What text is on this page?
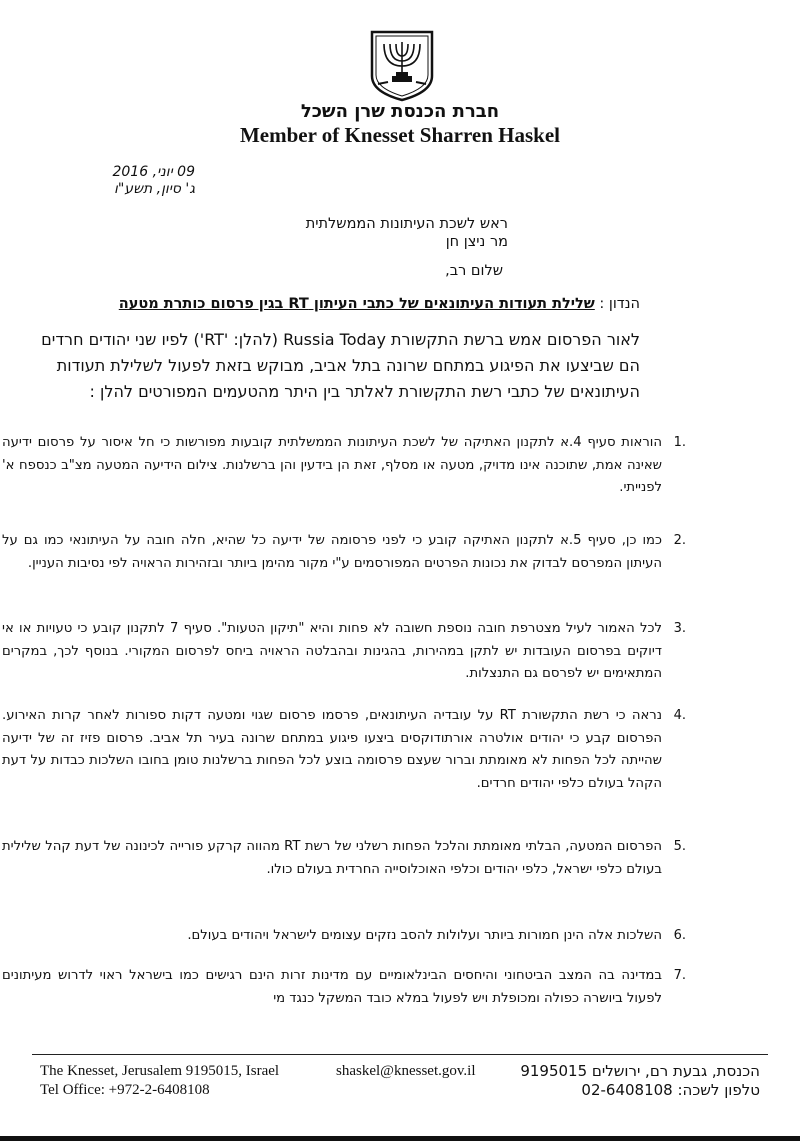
חברת הכנסת שרן השכל
Member of Knesset Sharren Haskel
09 יוני, 2016
ג' סיון, תשע"ו
ראש לשכת העיתונות הממשלתית
מר ניצן חן
שלום רב,
הנדון : שלילת תעודות העיתונאים של כתבי העיתון RT בגין פרסום כותרת מטעה
לאור הפרסום אמש ברשת התקשורת Russia Today (להלן: 'RT') לפיו שני יהודים חרדים הם שביצעו את הפיגוע במתחם שרונה בתל אביב, מבוקש בזאת לפעול לשלילת תעודות העיתונאים של כתבי רשת התקשורת לאלתר בין היתר מהטעמים המפורטים להלן :
1.
הוראות סעיף 4.א לתקנון האתיקה של לשכת העיתונות הממשלתית קובעות מפורשות כי חל איסור על פרסום ידיעה שאינה אמת, שתוכנה אינו מדויק, מטעה או מסלף, זאת הן בידעין והן ברשלנות. צילום הידיעה המטעה מצ"ב כנספח א' לפנייתי.
2.
כמו כן, סעיף 5.א לתקנון האתיקה קובע כי לפני פרסומה של ידיעה כל שהיא, חלה חובה על העיתונאי כמו גם על העיתון המפרסם לבדוק את נכונות הפרטים המפורסמים ע"י מקור מהימן ביותר ובזהירות הראויה לפי נסיבות העניין.
3.
לכל האמור לעיל מצטרפת חובה נוספת חשובה לא פחות והיא "תיקון הטעות". סעיף 7 לתקנון קובע כי טעויות או אי דיוקים בפרסום העובדות יש לתקן במהירות, בהגינות ובהבלטה הראויה ביחס לפרסום המקורי. בנוסף לכך, במקרים המתאימים יש לפרסם גם התנצלות.
4.
נראה כי רשת התקשורת RT על עובדיה העיתונאים, פרסמו פרסום שגוי ומטעה דקות ספורות לאחר קרות האירוע. הפרסום קבע כי יהודים אולטרה אורתודוקסים ביצעו פיגוע במתחם שרונה בעיר תל אביב. פרסום פזיז זה של ידיעה שהייתה לכל הפחות לא מאומתת וברור שעצם פרסומה בוצע לכל הפחות ברשלנות טומן בחובו השלכות כבדות על דעת הקהל בעולם כלפי יהודים חרדים.
5.
הפרסום המטעה, הבלתי מאומתת והלכל הפחות רשלני של רשת RT מהווה קרקע פורייה לכינונה של דעת קהל שלילית בעולם כלפי ישראל, כלפי יהודים וכלפי האוכלוסייה החרדית בעולם כולו.
6.
השלכות אלה הינן חמורות ביותר ועלולות להסב נזקים עצומים לישראל ויהודים בעולם.
7.
במדינה בה המצב הביטחוני והיחסים הבינלאומיים עם מדינות זרות הינם רגישים כמו בישראל ראוי לדרוש מעיתונים לפעול ביושרה כפולה ומכופלת ויש לפעול במלא כובד המשקל כנגד מי
The Knesset, Jerusalem 9195015, Israel
Tel Office: +972-2-6408108
shaskel@knesset.gov.il	הכנסת, גבעת רם, ירושלים 9195015
טלפון לשכה: 02-6408108
